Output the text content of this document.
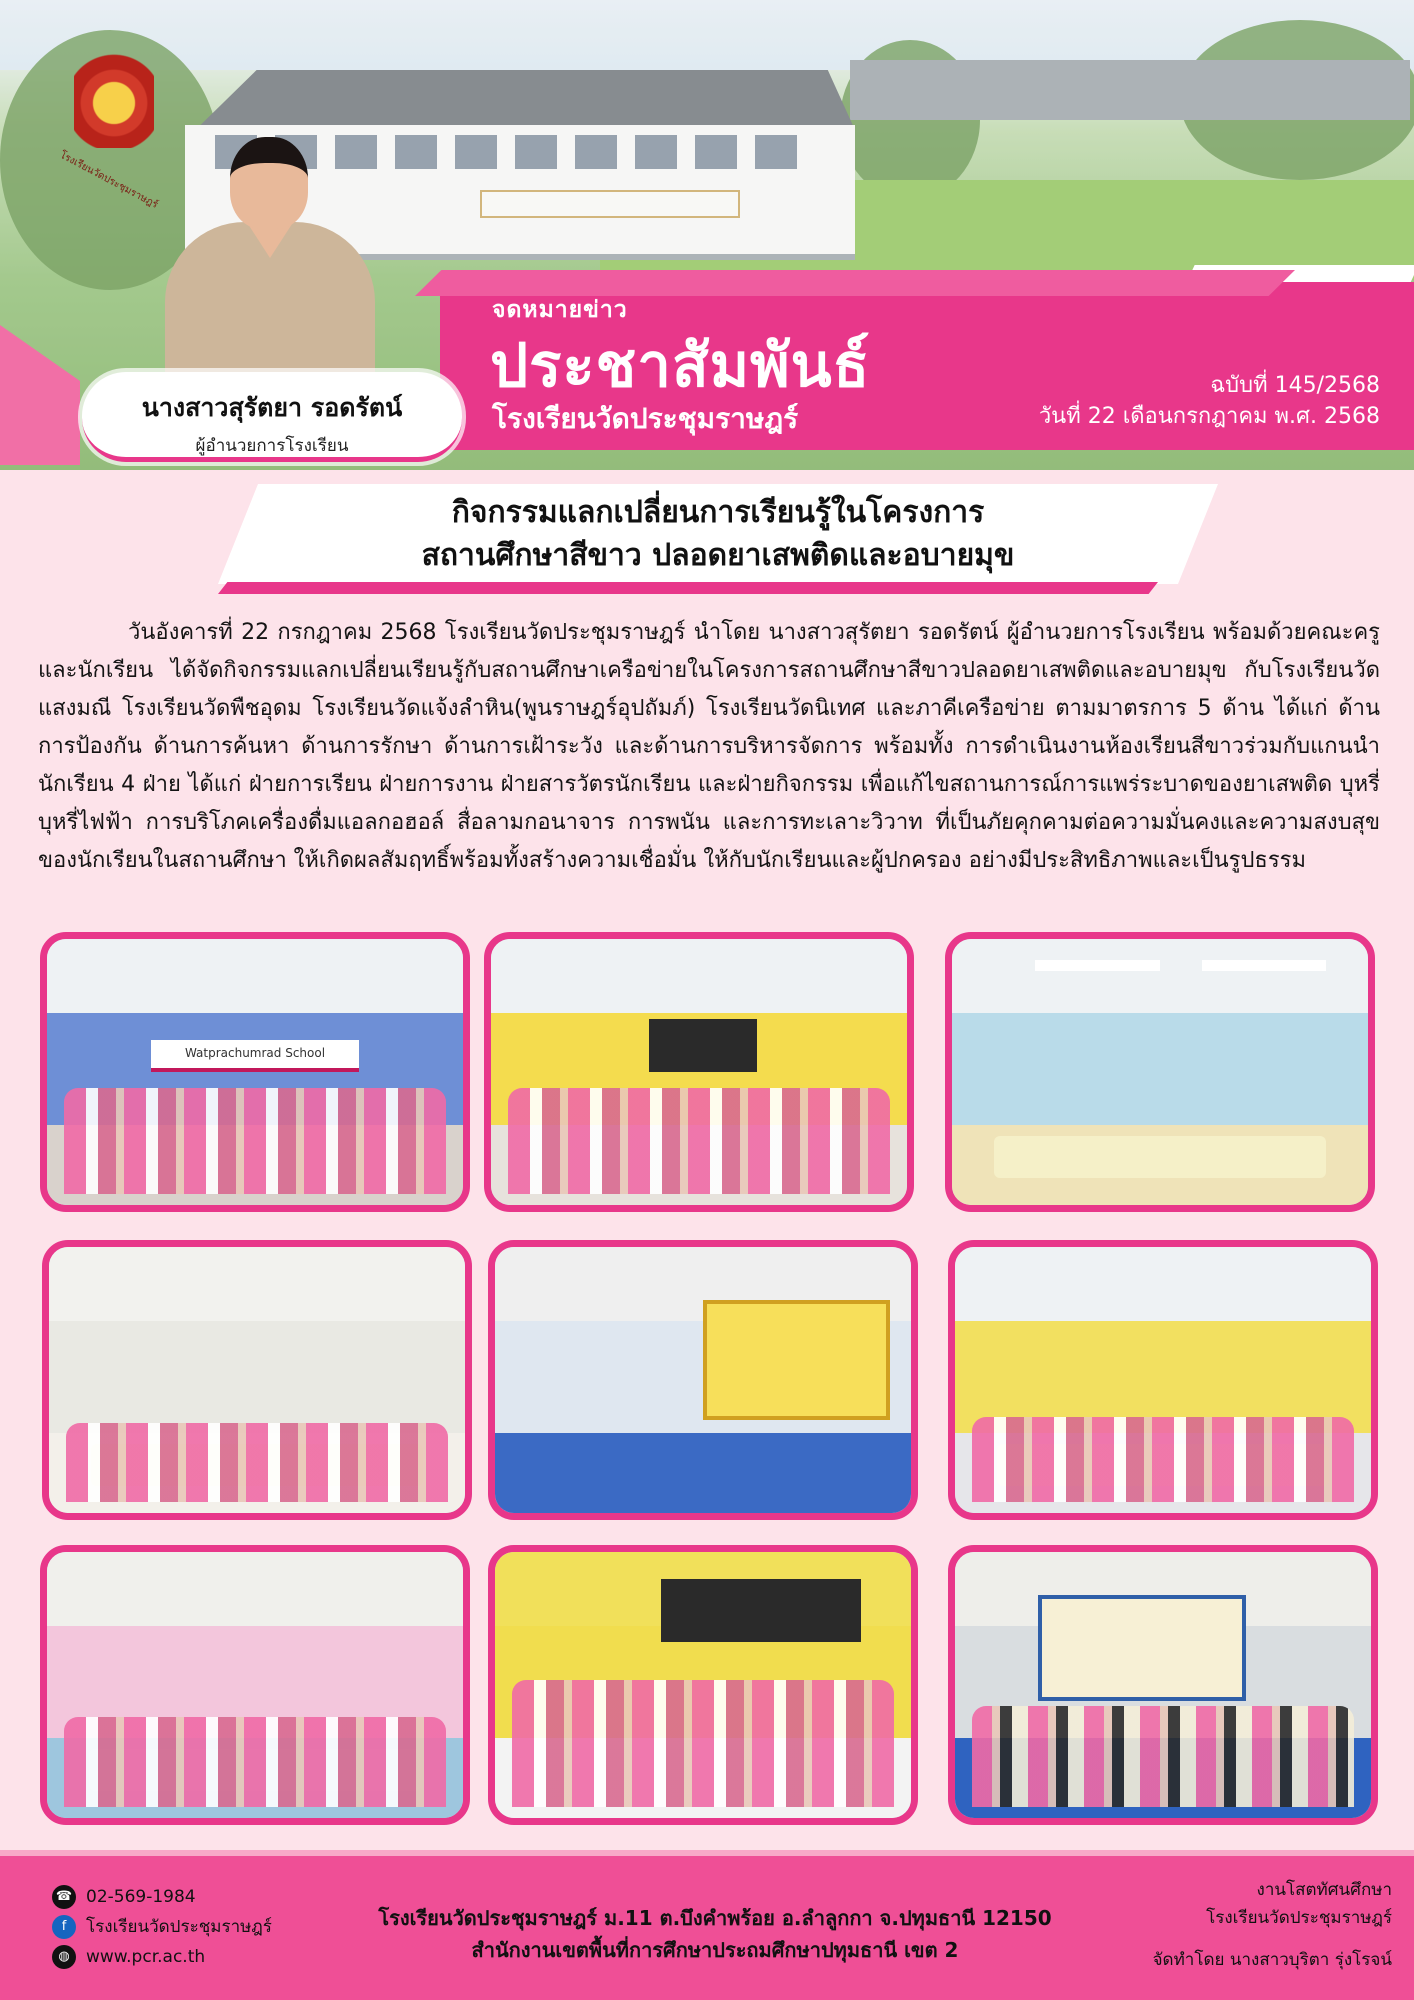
โรงเรียนวัดประชุมราษฎร์
จดหมายข่าว
ประชาสัมพันธ์
โรงเรียนวัดประชุมราษฎร์
ฉบับที่ 145/2568
วันที่ 22 เดือนกรกฎาคม พ.ศ. 2568
นางสาวสุรัตยา รอดรัตน์
ผู้อำนวยการโรงเรียน
กิจกรรมแลกเปลี่ยนการเรียนรู้ในโครงการ
สถานศึกษาสีขาว ปลอดยาเสพติดและอบายมุข
วันอังคารที่ 22 กรกฎาคม 2568 โรงเรียนวัดประชุมราษฎร์ นำโดย นางสาวสุรัตยา รอดรัตน์ ผู้อำนวยการโรงเรียน พร้อมด้วยคณะครูและนักเรียน ได้จัดกิจกรรมแลกเปลี่ยนเรียนรู้กับสถานศึกษาเครือข่ายในโครงการสถานศึกษาสีขาวปลอดยาเสพติดและอบายมุข กับโรงเรียนวัดแสงมณี โรงเรียนวัดพืชอุดม โรงเรียนวัดแจ้งลำหิน(พูนราษฎร์อุปถัมภ์) โรงเรียนวัดนิเทศ และภาคีเครือข่าย ตามมาตรการ 5 ด้าน ได้แก่ ด้านการป้องกัน ด้านการค้นหา ด้านการรักษา ด้านการเฝ้าระวัง และด้านการบริหารจัดการ พร้อมทั้ง การดำเนินงานห้องเรียนสีขาวร่วมกับแกนนำนักเรียน 4 ฝ่าย ได้แก่ ฝ่ายการเรียน ฝ่ายการงาน ฝ่ายสารวัตรนักเรียน และฝ่ายกิจกรรม เพื่อแก้ไขสถานการณ์การแพร่ระบาดของยาเสพติด บุหรี่ บุหรี่ไฟฟ้า การบริโภคเครื่องดื่มแอลกอฮอล์ สื่อลามกอนาจาร การพนัน และการทะเลาะวิวาท ที่เป็นภัยคุกคามต่อความมั่นคงและความสงบสุขของนักเรียนในสถานศึกษา ให้เกิดผลสัมฤทธิ์พร้อมทั้งสร้างความเชื่อมั่น ให้กับนักเรียนและผู้ปกครอง อย่างมีประสิทธิภาพและเป็นรูปธรรม
Watprachumrad School
☎ 02-569-1984
f	โรงเรียนวัดประชุมราษฎร์
◍ www.pcr.ac.th
โรงเรียนวัดประชุมราษฎร์ ม.11 ต.บึงคำพร้อย อ.ลำลูกกา จ.ปทุมธานี 12150
สำนักงานเขตพื้นที่การศึกษาประถมศึกษาปทุมธานี เขต 2
งานโสตทัศนศึกษา
โรงเรียนวัดประชุมราษฎร์
จัดทำโดย นางสาวบุริตา รุ่งโรจน์
